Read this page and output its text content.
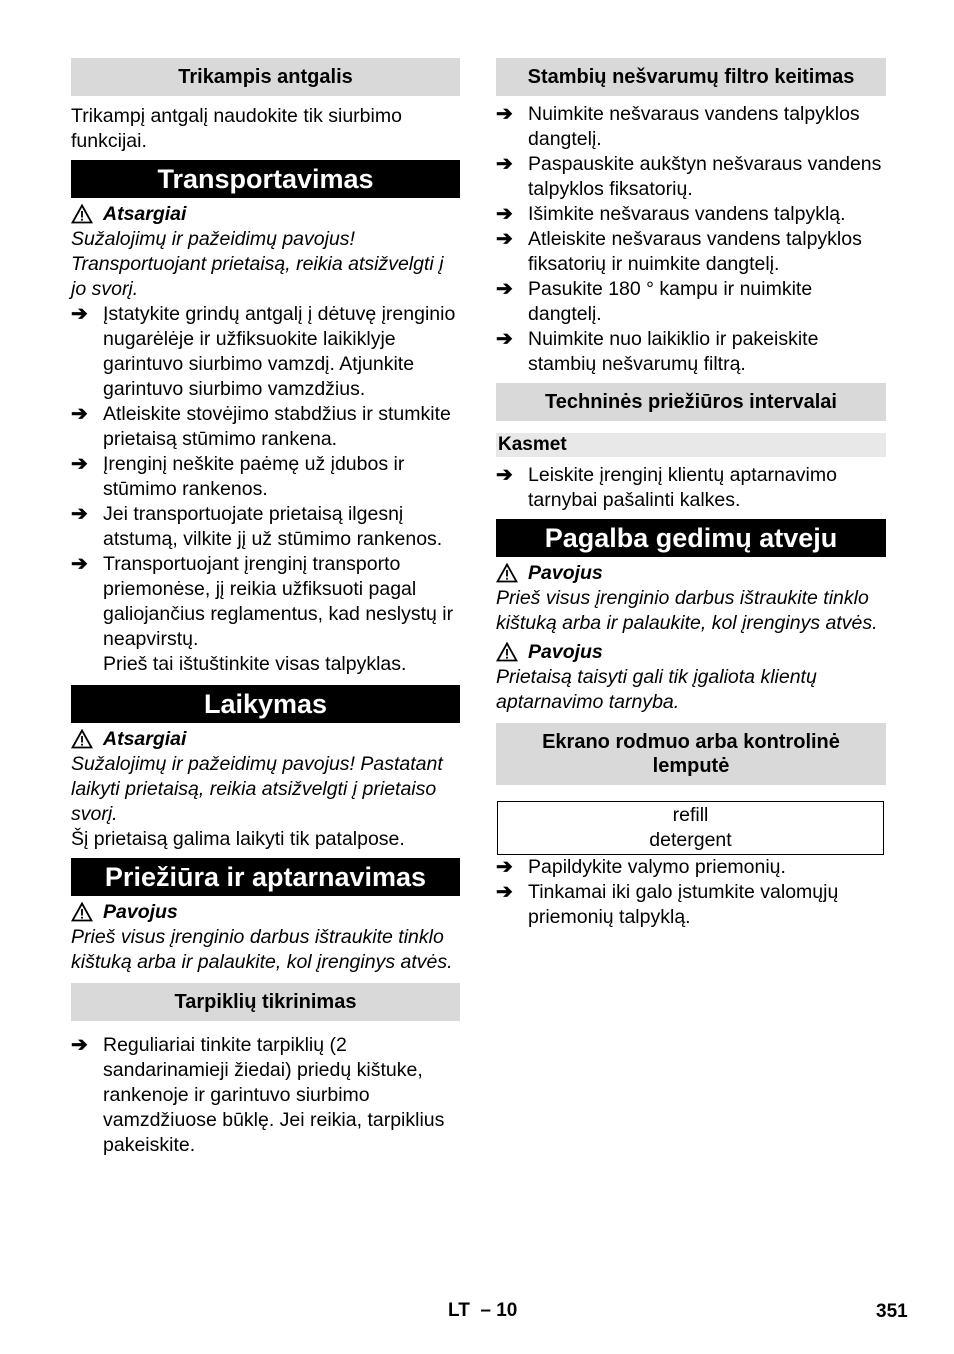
Trikampis antgalis

Trikampį antgalį naudokite tik siurbimo funkcijai.

Transportavimas
Atsargiai

Sužalojimų ir pažeidimų pavojus! Transportuojant prietaisą, reikia atsižvelgti į jo svorį.

➔ Įstatykite grindų antgalį į dėtuvę įrenginio nugarėlėje ir užfiksuokite laikiklyje garintuvo siurbimo vamzdį. Atjunkite garintuvo siurbimo vamzdžius.
➔ Atleiskite stovėjimo stabdžius ir stumkite prietaisą stūmimo rankena.
➔ Įrenginį neškite paėmę už įdubos ir stūmimo rankenos.
➔ Jei transportuojate prietaisą ilgesnį atstumą, vilkite jį už stūmimo rankenos.
➔ Transportuojant įrenginį transporto priemonėse, jį reikia užfiksuoti pagal galiojančius reglamentus, kad neslystų ir neapvirstų.

Prieš tai ištuštinkite visas talpyklas.

Laikymas
Atsargiai

Sužalojimų ir pažeidimų pavojus! Pastatant laikyti prietaisą, reikia atsižvelgti į prietaiso svorį.

Šį prietaisą galima laikyti tik patalpose.

Priežiūra ir aptarnavimas
Pavojus

Prieš visus įrenginio darbus ištraukite tinklo kištuką arba ir palaukite, kol įrenginys atvės.

Tarpiklių tikrinimas
➔ Reguliariai tinkite tarpiklių (2 sandarinamieji žiedai) priedų kištuke, rankenoje ir garintuvo siurbimo vamzdžiuose būklę. Jei reikia, tarpiklius pakeiskite.
Stambių nešvarumų filtro keitimas
➔ Nuimkite nešvaraus vandens talpyklos dangtelį.
➔ Paspauskite aukštyn nešvaraus vandens talpyklos fiksatorių.
➔ Išimkite nešvaraus vandens talpyklą.
➔ Atleiskite nešvaraus vandens talpyklos fiksatorių ir nuimkite dangtelį.
➔ Pasukite 180 ° kampu ir nuimkite dangtelį.
➔ Nuimkite nuo laikiklio ir pakeiskite stambių nešvarumų filtrą.
Techninės priežiūros intervalai
Kasmet
➔ Leiskite įrenginį klientų aptarnavimo tarnybai pašalinti kalkes.
Pagalba gedimų atveju
Pavojus

Prieš visus įrenginio darbus ištraukite tinklo kištuką arba ir palaukite, kol įrenginys atvės.

Pavojus

Prietaisą taisyti gali tik įgaliota klientų aptarnavimo tarnyba.

Ekrano rodmuo arba kontrolinė lemputė
refill
detergent
➔ Papildykite valymo priemonių.
➔ Tinkamai iki galo įstumkite valomųjų priemonių talpyklą.
LT  – 10	351
